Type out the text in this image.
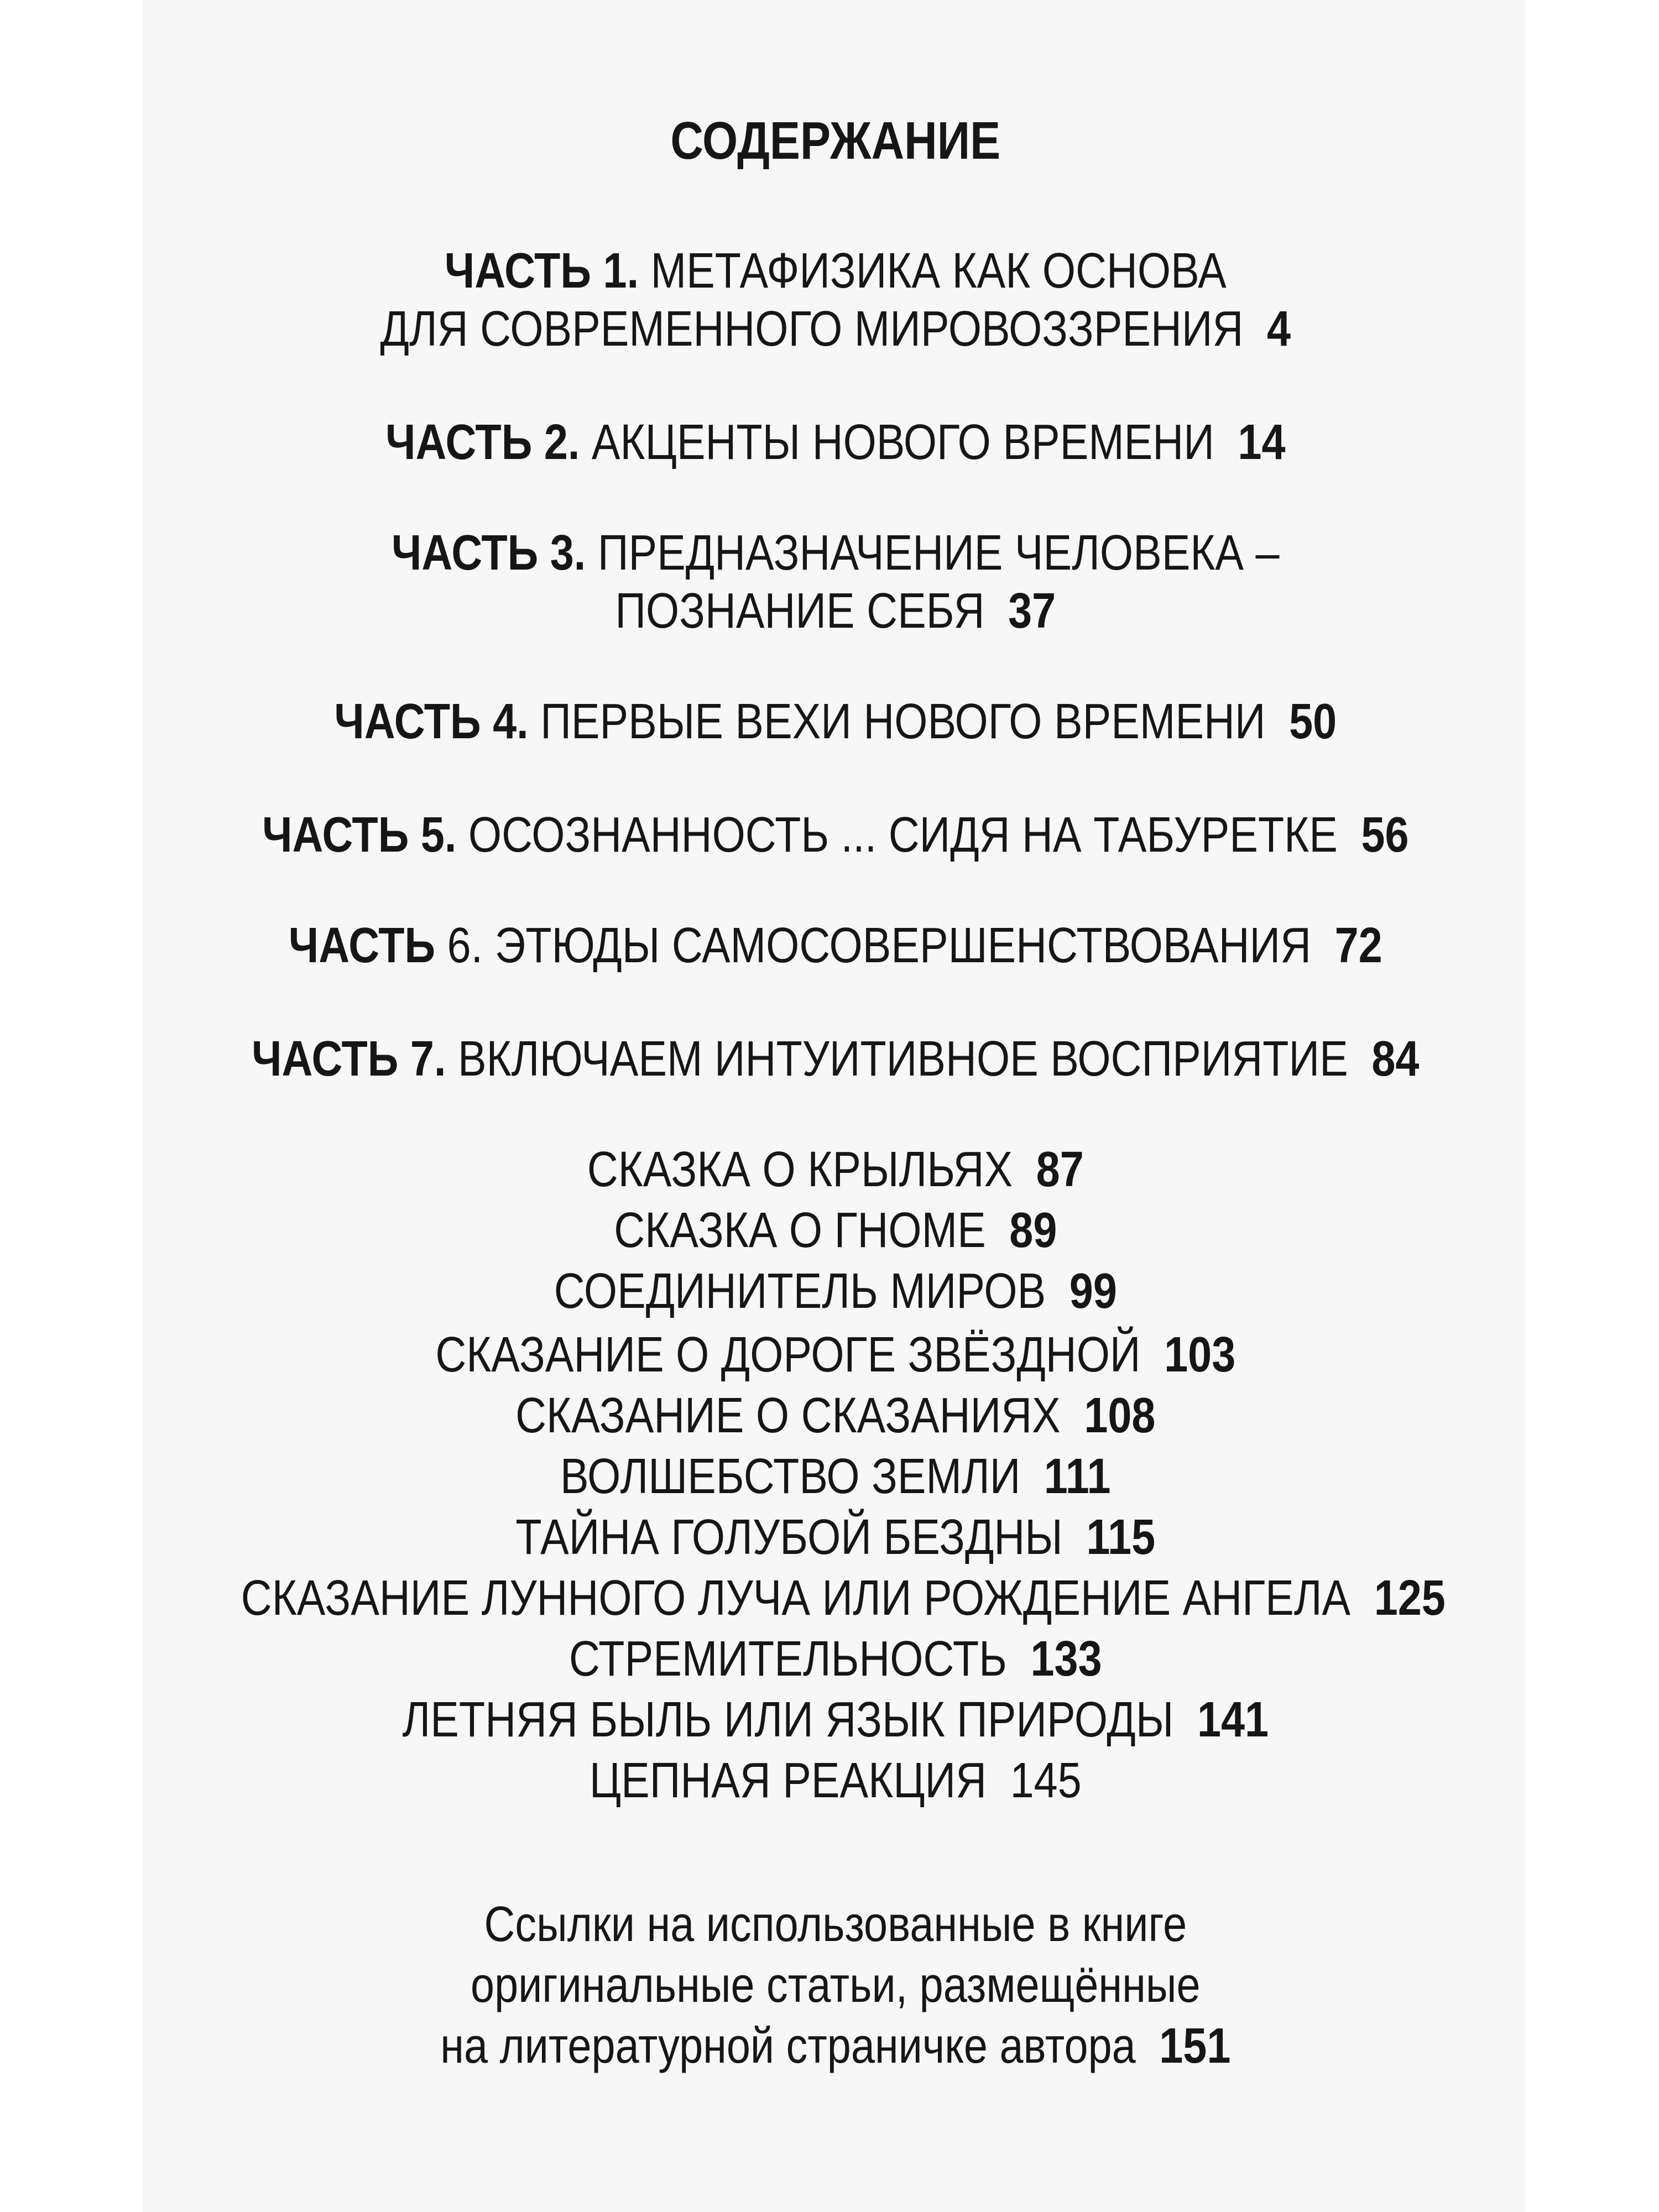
СОДЕРЖАНИЕ
ЧАСТЬ 1. МЕТАФИЗИКА КАК ОСНОВА
ДЛЯ СОВРЕМЕННОГО МИРОВОЗЗРЕНИЯ 4
ЧАСТЬ 2. АКЦЕНТЫ НОВОГО ВРЕМЕНИ 14
ЧАСТЬ 3. ПРЕДНАЗНАЧЕНИЕ ЧЕЛОВЕКА –
ПОЗНАНИЕ СЕБЯ 37
ЧАСТЬ 4. ПЕРВЫЕ ВЕХИ НОВОГО ВРЕМЕНИ 50
ЧАСТЬ 5. ОСОЗНАННОСТЬ ... СИДЯ НА ТАБУРЕТКЕ 56
ЧАСТЬ 6. ЭТЮДЫ САМОСОВЕРШЕНСТВОВАНИЯ 72
ЧАСТЬ 7. ВКЛЮЧАЕМ ИНТУИТИВНОЕ ВОСПРИЯТИЕ 84
СКАЗКА О КРЫЛЬЯХ 87
СКАЗКА О ГНОМЕ 89
СОЕДИНИТЕЛЬ МИРОВ 99
СКАЗАНИЕ О ДОРОГЕ ЗВЁЗДНОЙ 103
СКАЗАНИЕ О СКАЗАНИЯХ 108
ВОЛШЕБСТВО ЗЕМЛИ 111
ТАЙНА ГОЛУБОЙ БЕЗДНЫ 115
СКАЗАНИЕ ЛУННОГО ЛУЧА ИЛИ РОЖДЕНИЕ АНГЕЛА 125
СТРЕМИТЕЛЬНОСТЬ 133
ЛЕТНЯЯ БЫЛЬ ИЛИ ЯЗЫК ПРИРОДЫ 141
ЦЕПНАЯ РЕАКЦИЯ 145
Ссылки на использованные в книге
оригинальные статьи, размещённые
на литературной страничке автора 151
